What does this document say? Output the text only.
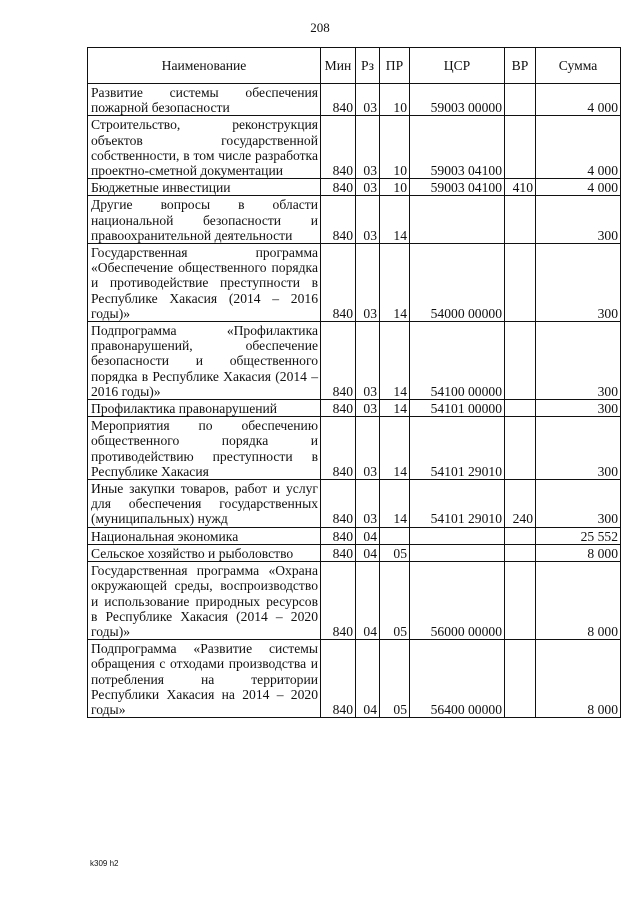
208
Наименование	Мин	Рз	ПР	ЦСР	ВР	Сумма
Развитие системы обеспечения пожарной безопасности	840	03	10	59003 00000		4 000
Строительство, реконструкция объектов государственной собственности, в том числе разработка проектно-сметной документации	840	03	10	59003 04100		4 000
Бюджетные инвестиции	840	03	10	59003 04100	410	4 000
Другие вопросы в области национальной безопасности и правоохранительной деятельности	840	03	14			300
Государственная программа «Обеспечение общественного порядка и противодействие преступности в Республике Хакасия (2014 – 2016 годы)»	840	03	14	54000 00000		300
Подпрограмма «Профилактика правонарушений, обеспечение безопасности и общественного порядка в Республике Хакасия (2014 – 2016 годы)»	840	03	14	54100 00000		300
Профилактика правонарушений	840	03	14	54101 00000		300
Мероприятия по обеспечению общественного порядка и противодействию преступности в Республике Хакасия	840	03	14	54101 29010		300
Иные закупки товаров, работ и услуг для обеспечения государственных (муниципальных) нужд	840	03	14	54101 29010	240	300
Национальная экономика	840	04				25 552
Сельское хозяйство и рыболовство	840	04	05			8 000
Государственная программа «Охрана окружающей среды, воспроизводство и использование природных ресурсов в Республике Хакасия (2014 – 2020 годы)»	840	04	05	56000 00000		8 000
Подпрограмма «Развитие системы обращения с отходами производства и потребления на территории Республики Хакасия на 2014 – 2020 годы»	840	04	05	56400 00000		8 000
k309 h2
